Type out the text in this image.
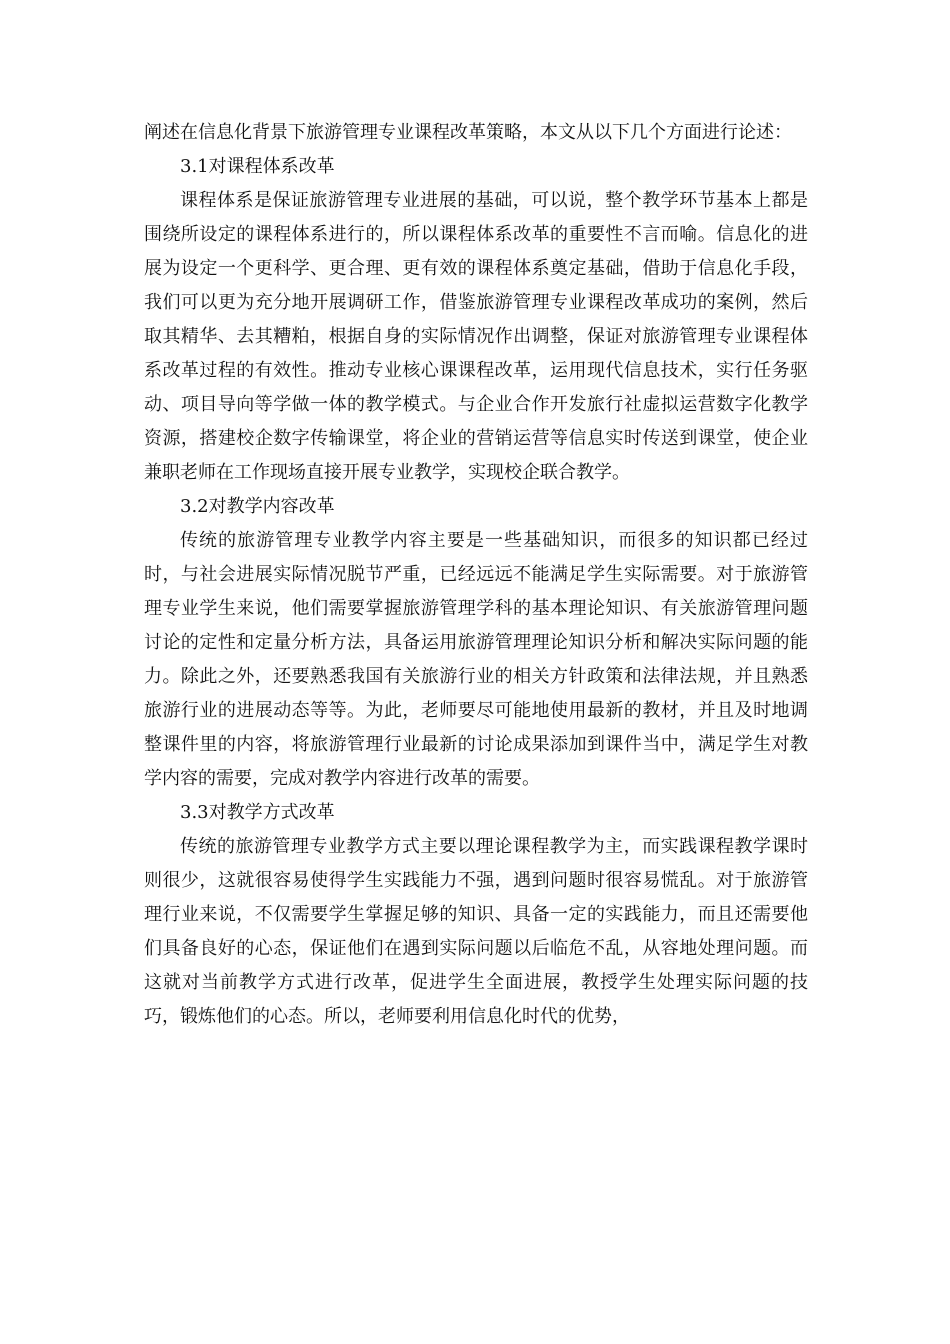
阐述在信息化背景下旅游管理专业课程改革策略，本文从以下几个方面进行论述：

3.1对课程体系改革

课程体系是保证旅游管理专业进展的基础，可以说，整个教学环节基本上都是围绕所设定的课程体系进行的，所以课程体系改革的重要性不言而喻。信息化的进展为设定一个更科学、更合理、更有效的课程体系奠定基础，借助于信息化手段，我们可以更为充分地开展调研工作，借鉴旅游管理专业课程改革成功的案例，然后取其精华、去其糟粕，根据自身的实际情况作出调整，保证对旅游管理专业课程体系改革过程的有效性。推动专业核心课课程改革，运用现代信息技术，实行任务驱动、项目导向等学做一体的教学模式。与企业合作开发旅行社虚拟运营数字化教学资源，搭建校企数字传输课堂，将企业的营销运营等信息实时传送到课堂，使企业兼职老师在工作现场直接开展专业教学，实现校企联合教学。

3.2对教学内容改革

传统的旅游管理专业教学内容主要是一些基础知识，而很多的知识都已经过时，与社会进展实际情况脱节严重，已经远远不能满足学生实际需要。对于旅游管理专业学生来说，他们需要掌握旅游管理学科的基本理论知识、有关旅游管理问题讨论的定性和定量分析方法，具备运用旅游管理理论知识分析和解决实际问题的能力。除此之外，还要熟悉我国有关旅游行业的相关方针政策和法律法规，并且熟悉旅游行业的进展动态等等。为此，老师要尽可能地使用最新的教材，并且及时地调整课件里的内容，将旅游管理行业最新的讨论成果添加到课件当中，满足学生对教学内容的需要，完成对教学内容进行改革的需要。

3.3对教学方式改革

传统的旅游管理专业教学方式主要以理论课程教学为主，而实践课程教学课时则很少，这就很容易使得学生实践能力不强，遇到问题时很容易慌乱。对于旅游管理行业来说，不仅需要学生掌握足够的知识、具备一定的实践能力，而且还需要他们具备良好的心态，保证他们在遇到实际问题以后临危不乱，从容地处理问题。而这就对当前教学方式进行改革，促进学生全面进展，教授学生处理实际问题的技巧，锻炼他们的心态。所以，老师要利用信息化时代的优势，
